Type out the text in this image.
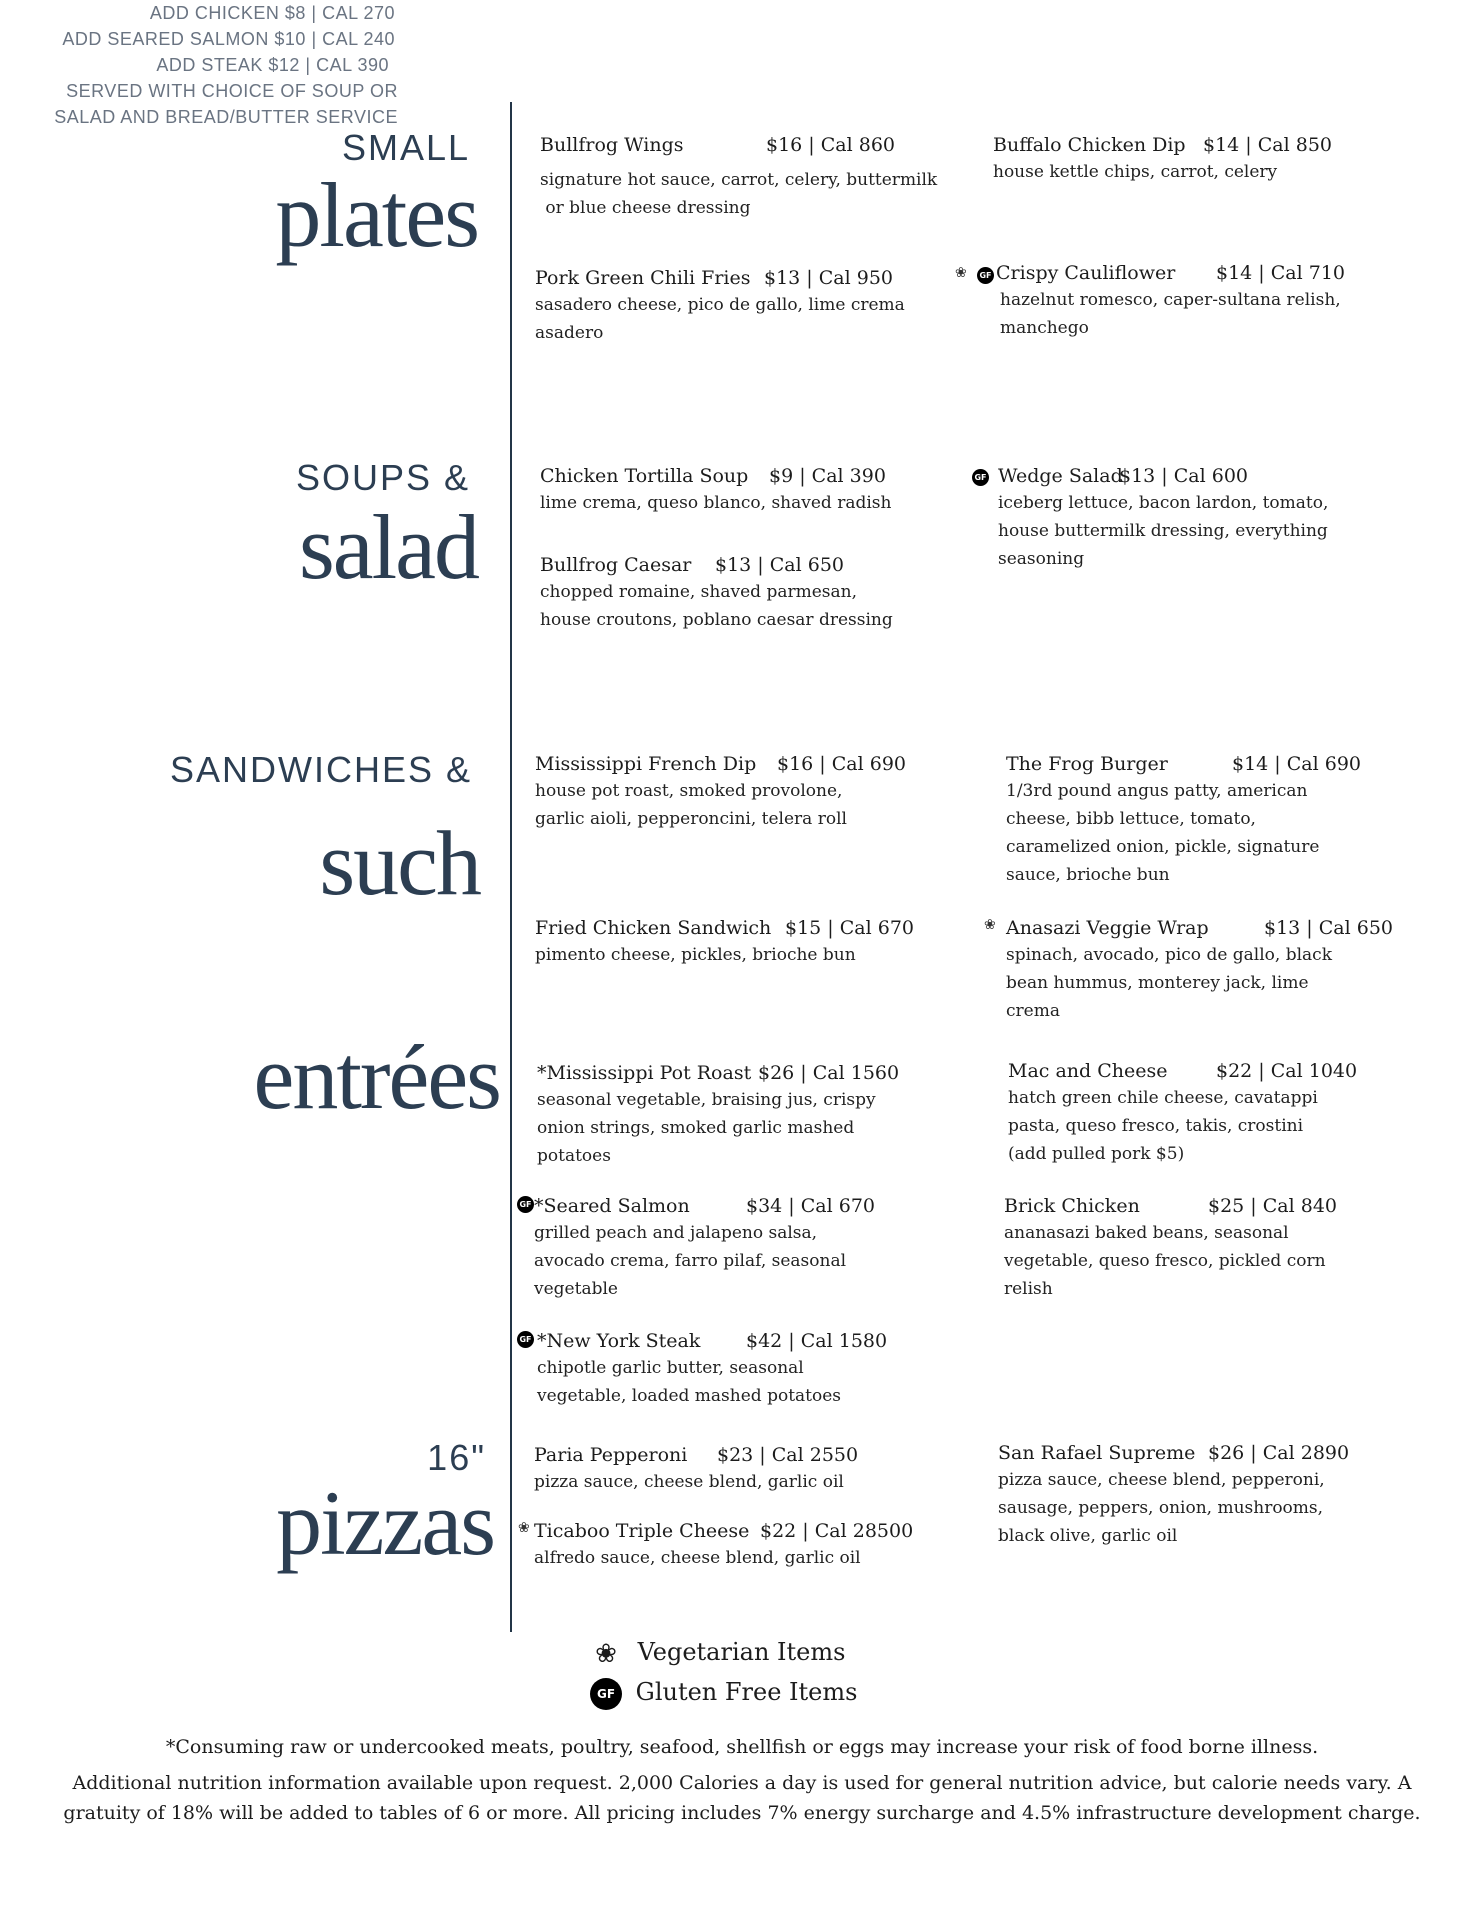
SMALL
plates
SOUPS &
salad
ADD CHICKEN $8 | CAL 270
ADD SEARED SALMON $10 | CAL 240
ADD STEAK $12 | CAL 390
SANDWICHES &
such
entrées
SERVED WITH CHOICE OF SOUP OR
SALAD AND BREAD/BUTTER SERVICE
16"
pizzas
Bullfrog Wings	$16 | Cal 860
signature hot sauce, carrot, celery, buttermilk
or blue cheese dressing
Buffalo Chicken Dip $14 | Cal 850
house kettle chips, carrot, celery
Pork Green Chili Fries $13 | Cal 950
sasadero cheese, pico de gallo, lime crema asadero
❀	GF Crispy Cauliflower $14 | Cal 710
hazelnut romesco, caper-sultana relish,
manchego
Chicken Tortilla Soup $9 | Cal 390
lime crema, queso blanco, shaved radish
GF Wedge Salad
$13 | Cal 600
iceberg lettuce, bacon lardon, tomato,
house buttermilk dressing, everything
seasoning
Bullfrog Caesar $13 | Cal 650
chopped romaine, shaved parmesan,
house croutons, poblano caesar dressing
Mississippi French Dip $16 | Cal 690
house pot roast, smoked provolone,
garlic aioli, pepperoncini, telera roll
The Frog Burger	$14 | Cal 690
1/3rd pound angus patty, american
cheese, bibb lettuce, tomato,
caramelized onion, pickle, signature
sauce, brioche bun
Fried Chicken Sandwich $15 | Cal 670
pimento cheese, pickles, brioche bun
❀ Anasazi Veggie Wrap	$13 | Cal 650
spinach, avocado, pico de gallo, black
bean hummus, monterey jack, lime
crema
*Mississippi Pot Roast $26 | Cal 1560
seasonal vegetable, braising jus, crispy
onion strings, smoked garlic mashed
potatoes
Mac and Cheese	$22 | Cal 1040
hatch green chile cheese, cavatappi
pasta, queso fresco, takis, crostini
(add pulled pork $5)
GF *Seared Salmon	$34 | Cal 670
grilled peach and jalapeno salsa,
avocado crema, farro pilaf, seasonal
vegetable
Brick Chicken	$25 | Cal 840
ananasazi baked beans, seasonal
vegetable, queso fresco, pickled corn
relish
GF *New York Steak $42 | Cal 1580
chipotle garlic butter, seasonal
vegetable, loaded mashed potatoes
Paria Pepperoni $23 | Cal 2550
pizza sauce, cheese blend, garlic oil
San Rafael Supreme $26 | Cal 2890
pizza sauce, cheese blend, pepperoni,
sausage, peppers, onion, mushrooms,
black olive, garlic oil
❀ Ticaboo Triple Cheese $22 | Cal 28500
alfredo sauce, cheese blend, garlic oil
❀ Vegetarian Items
GF Gluten Free Items
*Consuming raw or undercooked meats, poultry, seafood, shellfish or eggs may increase your risk of food borne illness.
Additional nutrition information available upon request. 2,000 Calories a day is used for general nutrition advice, but calorie needs vary. A
gratuity of 18% will be added to tables of 6 or more. All pricing includes 7% energy surcharge and 4.5% infrastructure development charge.
